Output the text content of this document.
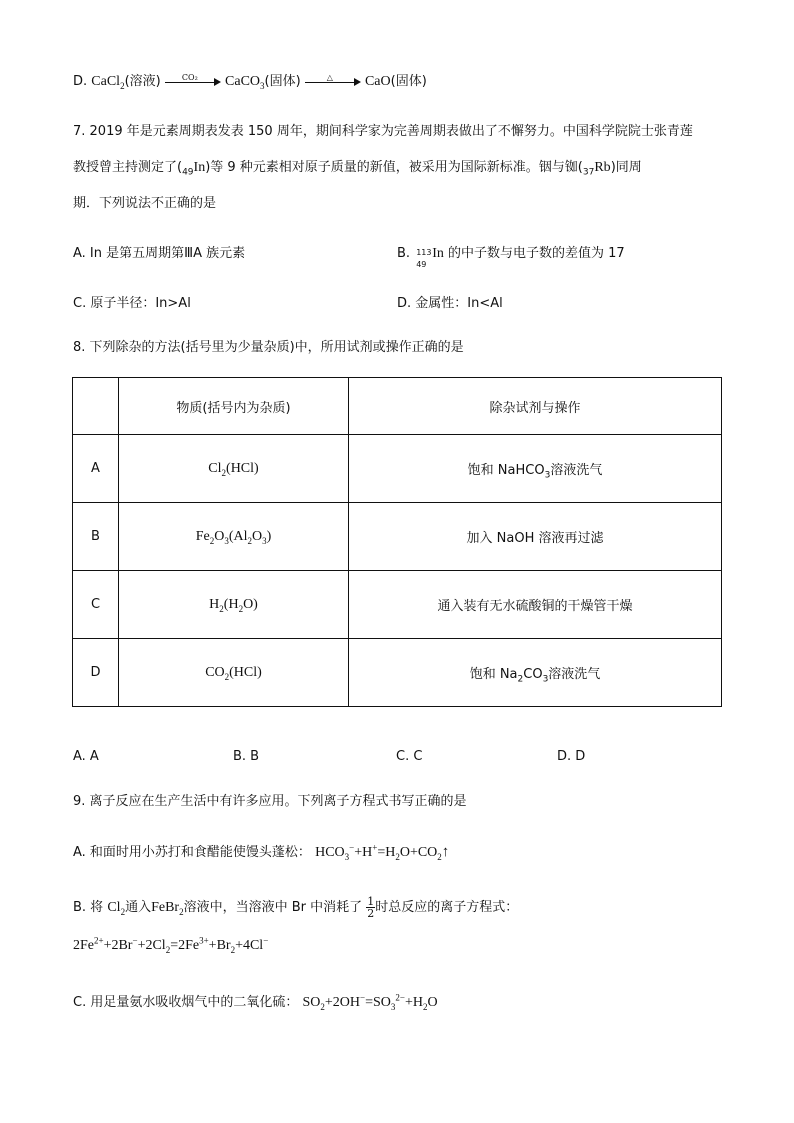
D. CaCl$_2$(溶液)	CO₂	CaCO$_3$(固体)	△	CaO(固体)
7. 2019 年是元素周期表发表 150 周年，期间科学家为完善周期表做出了不懈努力。中国科学院院士张青莲
教授曾主持测定了$(_{49}In)$等 9 种元素相对原子质量的新值，被采用为国际新标准。铟与铷$(_{37}Rb)$同周
期．下列说法不正确的是
A. In 是第五周期第ⅢA 族元素	B. 113
49
In 的中子数与电子数的差值为 17
C. 原子半径：In>Al	D. 金属性：In<Al
8. 下列除杂的方法(括号里为少量杂质)中，所用试剂或操作正确的是
	物质(括号内为杂质)	除杂试剂与操作
A	$Cl_2(HCl)$	饱和 NaHCO$_3$溶液洗气
B	$Fe_2O_3(Al_2O_3)$	加入 NaOH 溶液再过滤
C	$H_2(H_2O)$	通入装有无水硫酸铜的干燥管干燥
D	$CO_2(HCl)$	饱和 $Na_2CO_3$溶液洗气
A. A	B. B	C. C	D. D
9. 离子反应在生产生活中有许多应用。下列离子方程式书写正确的是
A. 和面时用小苏打和食醋能使馒头蓬松： $HCO_3^-+H^+=H_2O+CO_2↑$
B. 将 $Cl_2$通入FeBr$_2$溶液中，当溶液中 Br 中消耗了 $\frac{1}{2}$ 时总反应的离子方程式：
$2Fe^{2+}+2Br^-+2Cl_2=2Fe^{3+}+Br_2+4Cl^-$
C. 用足量氨水吸收烟气中的二氧化硫： $SO_2+2OH^-=SO_3^{2-}+H_2O$
